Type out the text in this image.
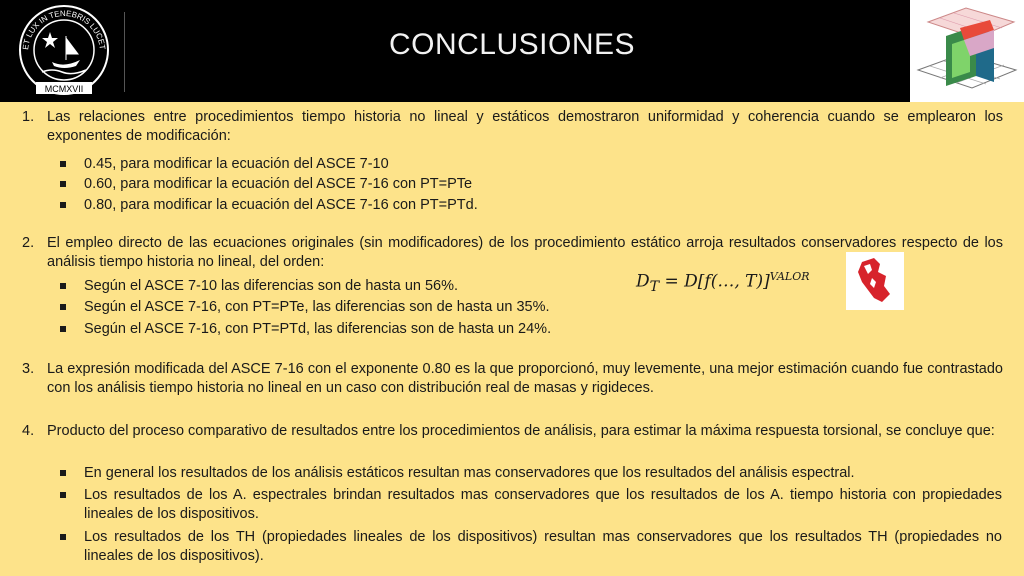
ET LUX IN TENEBRIS LUCET
MCMXVII
CONCLUSIONES
1. Las relaciones entre procedimientos tiempo historia no lineal y estáticos demostraron uniformidad y coherencia cuando se emplearon los exponentes de modificación:
0.45, para modificar la ecuación del ASCE 7-10
0.60, para modificar la ecuación del ASCE 7-16 con PT=PTe
0.80, para modificar la ecuación del ASCE 7-16 con PT=PTd.
$D_T$ = D[f(…, T)]$^{VALOR}$
2. El empleo directo de las ecuaciones originales (sin modificadores) de los procedimiento estático arroja resultados conservadores respecto de los análisis tiempo historia no lineal, del orden:
Según el ASCE 7-10 las diferencias son de hasta un 56%.
Según el ASCE 7-16, con PT=PTe, las diferencias son de hasta un 35%.
Según el ASCE 7-16, con PT=PTd, las diferencias son de hasta un 24%.
3. La expresión modificada del ASCE 7-16 con el exponente 0.80 es la que proporcionó, muy levemente, una mejor estimación cuando fue contrastado con los análisis tiempo historia no lineal en un caso con distribución real de masas y rigideces.
4. Producto del proceso comparativo de resultados entre los procedimientos de análisis, para estimar la máxima respuesta torsional, se concluye que:
En general los resultados de los análisis estáticos resultan mas conservadores que los resultados del análisis espectral.
Los resultados de los A. espectrales brindan resultados mas conservadores que los resultados de los A. tiempo historia con propiedades lineales de los dispositivos.
Los resultados de los TH (propiedades lineales de los dispositivos) resultan mas conservadores que los resultados TH (propiedades no lineales de los dispositivos).
